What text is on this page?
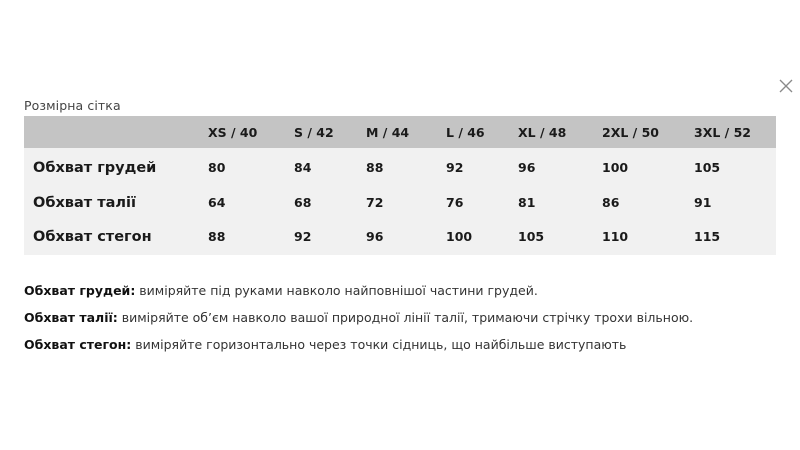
Розмірна сітка
	XS / 40	S / 42	M / 44	L / 46	XL / 48	2XL / 50	3XL / 52
Обхват грудей	80	84	88	92	96	100	105
Обхват талії	64	68	72	76	81	86	91
Обхват стегон	88	92	96	100	105	110	115
Обхват грудей: виміряйте під руками навколо найповнішої частини грудей.
Обхват талії: виміряйте об’єм навколо вашої природної лінії талії, тримаючи стрічку трохи вільною.
Обхват стегон: виміряйте горизонтально через точки сідниць, що найбільше виступають
